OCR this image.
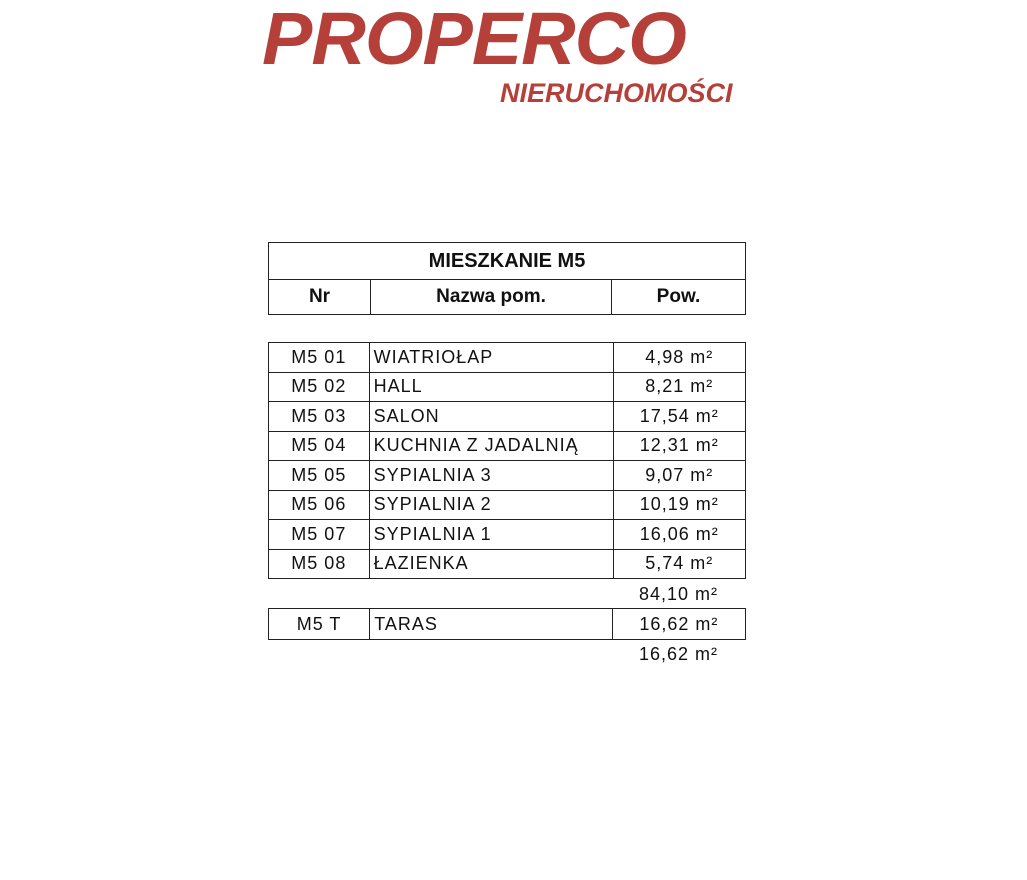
PROPERCO
NIERUCHOMOŚCI
MIESZKANIE M5
Nr	Nazwa pom.	Pow.
M5 01	WIATRIOŁAP	4,98 m²
M5 02	HALL	8,21 m²
M5 03	SALON	17,54 m²
M5 04	KUCHNIA Z JADALNIĄ	12,31 m²
M5 05	SYPIALNIA 3	9,07 m²
M5 06	SYPIALNIA 2	10,19 m²
M5 07	SYPIALNIA 1	16,06 m²
M5 08	ŁAZIENKA	5,74 m²
84,10 m²
M5 T	TARAS	16,62 m²
16,62 m²
